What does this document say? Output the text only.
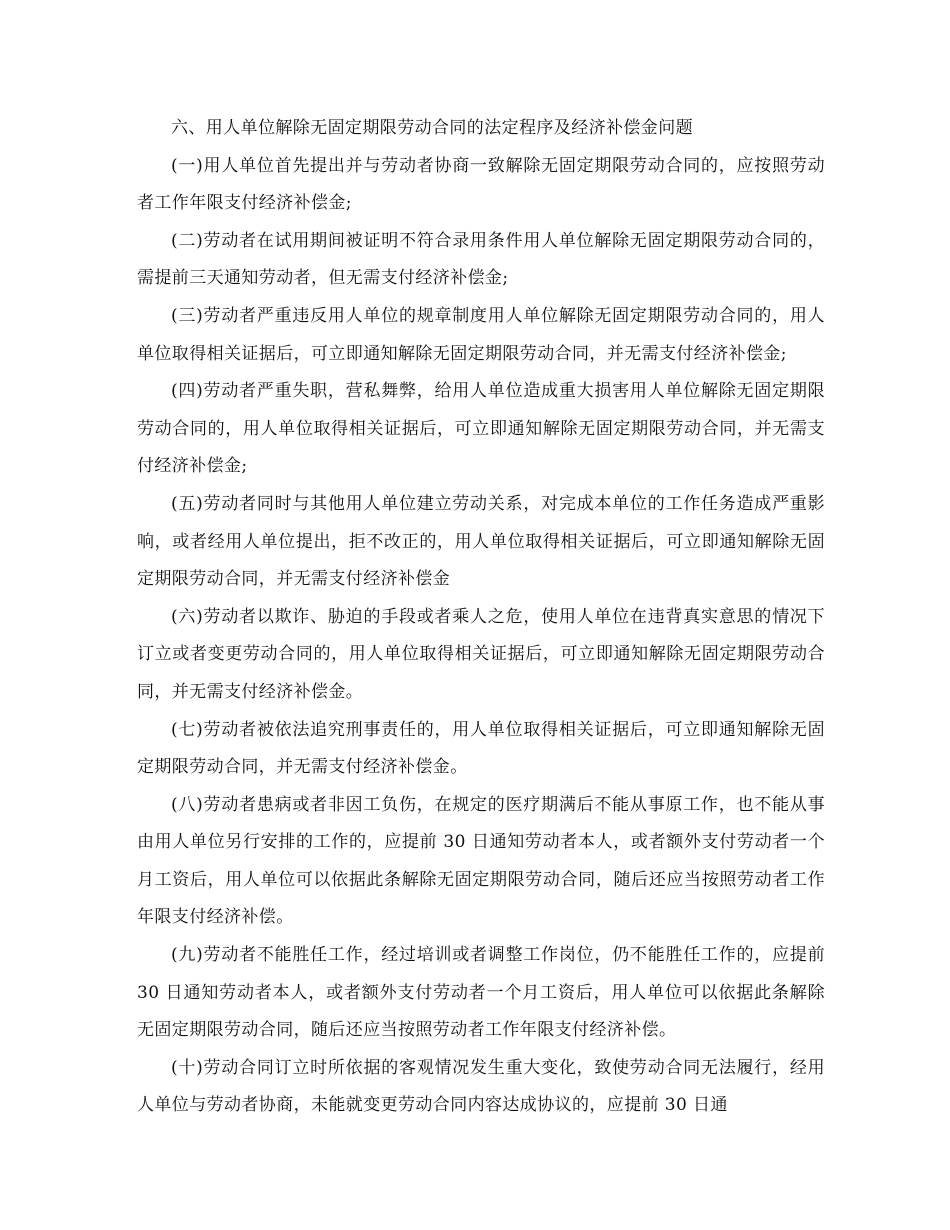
六、用人单位解除无固定期限劳动合同的法定程序及经济补偿金问题

(一)用人单位首先提出并与劳动者协商一致解除无固定期限劳动合同的，应按照劳动者工作年限支付经济补偿金;

(二)劳动者在试用期间被证明不符合录用条件用人单位解除无固定期限劳动合同的，需提前三天通知劳动者，但无需支付经济补偿金;

(三)劳动者严重违反用人单位的规章制度用人单位解除无固定期限劳动合同的，用人单位取得相关证据后，可立即通知解除无固定期限劳动合同，并无需支付经济补偿金;

(四)劳动者严重失职，营私舞弊，给用人单位造成重大损害用人单位解除无固定期限劳动合同的，用人单位取得相关证据后，可立即通知解除无固定期限劳动合同，并无需支付经济补偿金;

(五)劳动者同时与其他用人单位建立劳动关系，对完成本单位的工作任务造成严重影响，或者经用人单位提出，拒不改正的，用人单位取得相关证据后，可立即通知解除无固定期限劳动合同，并无需支付经济补偿金

(六)劳动者以欺诈、胁迫的手段或者乘人之危，使用人单位在违背真实意思的情况下订立或者变更劳动合同的，用人单位取得相关证据后，可立即通知解除无固定期限劳动合同，并无需支付经济补偿金。

(七)劳动者被依法追究刑事责任的，用人单位取得相关证据后，可立即通知解除无固定期限劳动合同，并无需支付经济补偿金。

(八)劳动者患病或者非因工负伤，在规定的医疗期满后不能从事原工作，也不能从事由用人单位另行安排的工作的，应提前 30 日通知劳动者本人，或者额外支付劳动者一个月工资后，用人单位可以依据此条解除无固定期限劳动合同，随后还应当按照劳动者工作年限支付经济补偿。

(九)劳动者不能胜任工作，经过培训或者调整工作岗位，仍不能胜任工作的，应提前 30 日通知劳动者本人，或者额外支付劳动者一个月工资后，用人单位可以依据此条解除无固定期限劳动合同，随后还应当按照劳动者工作年限支付经济补偿。

(十)劳动合同订立时所依据的客观情况发生重大变化，致使劳动合同无法履行，经用人单位与劳动者协商，未能就变更劳动合同内容达成协议的，应提前 30 日通
